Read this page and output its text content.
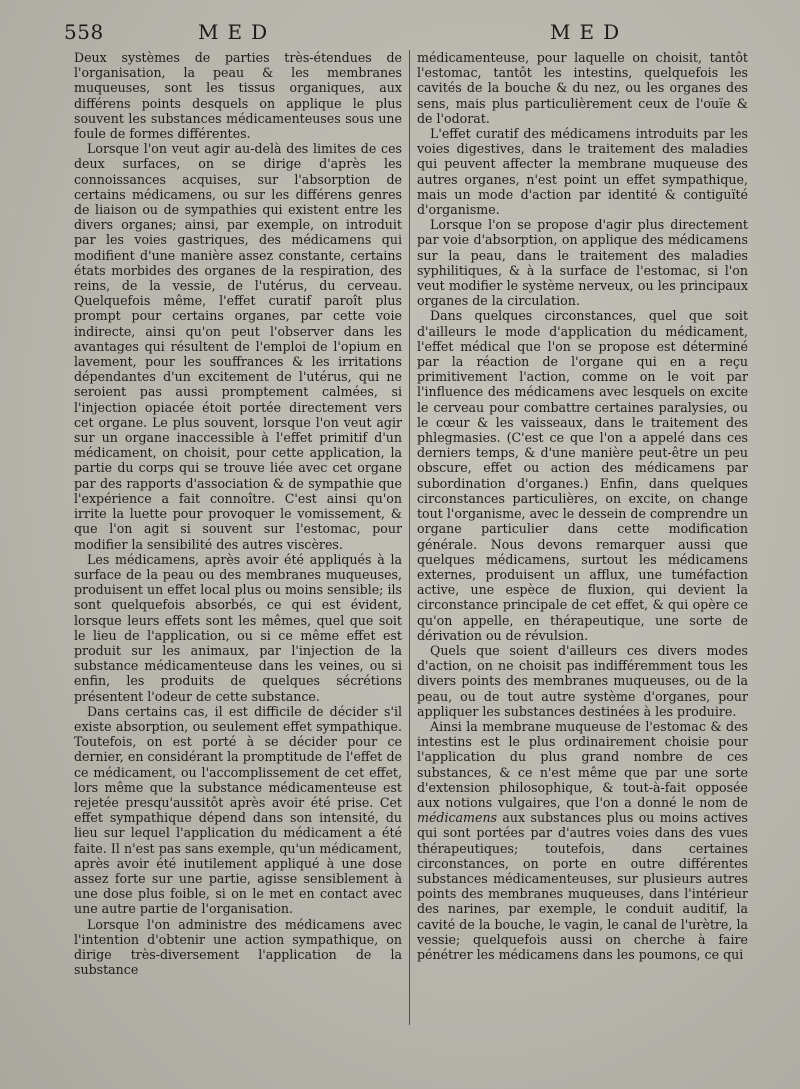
558	MED	MED

Deux systèmes de parties très-étendues de l'organisation, la peau & les membranes muqueuses, sont les tissus organiques, aux différens points desquels on applique le plus souvent les substances médicamenteuses sous une foule de formes différentes.

Lorsque l'on veut agir au-delà des limites de ces deux surfaces, on se dirige d'après les connoissances acquises, sur l'absorption de certains médicamens, ou sur les différens genres de liaison ou de sympathies qui existent entre les divers organes; ainsi, par exemple, on introduit par les voies gastriques, des médicamens qui modifient d'une manière assez constante, certains états morbides des organes de la respiration, des reins, de la vessie, de l'utérus, du cerveau. Quelquefois même, l'effet curatif paroît plus prompt pour certains organes, par cette voie indirecte, ainsi qu'on peut l'observer dans les avantages qui résultent de l'emploi de l'opium en lavement, pour les souffrances & les irritations dépendantes d'un excitement de l'utérus, qui ne seroient pas aussi promptement calmées, si l'injection opiacée étoit portée directement vers cet organe. Le plus souvent, lorsque l'on veut agir sur un organe inaccessible à l'effet primitif d'un médicament, on choisit, pour cette application, la partie du corps qui se trouve liée avec cet organe par des rapports d'association & de sympathie que l'expérience a fait connoître. C'est ainsi qu'on irrite la luette pour provoquer le vomissement, & que l'on agit si souvent sur l'estomac, pour modifier la sensibilité des autres viscères.

Les médicamens, après avoir été appliqués à la surface de la peau ou des membranes muqueuses, produisent un effet local plus ou moins sensible; ils sont quelquefois absorbés, ce qui est évident, lorsque leurs effets sont les mêmes, quel que soit le lieu de l'application, ou si ce même effet est produit sur les animaux, par l'injection de la substance médicamenteuse dans les veines, ou si enfin, les produits de quelques sécrétions présentent l'odeur de cette substance.

Dans certains cas, il est difficile de décider s'il existe absorption, ou seulement effet sympathique. Toutefois, on est porté à se décider pour ce dernier, en considérant la promptitude de l'effet de ce médicament, ou l'accomplissement de cet effet, lors même que la substance médicamenteuse est rejetée presqu'aussitôt après avoir été prise. Cet effet sympathique dépend dans son intensité, du lieu sur lequel l'application du médicament a été faite. Il n'est pas sans exemple, qu'un médicament, après avoir été inutilement appliqué à une dose assez forte sur une partie, agisse sensiblement à une dose plus foible, si on le met en contact avec une autre partie de l'organisation.

Lorsque l'on administre des médicamens avec l'intention d'obtenir une action sympathique, on dirige très-diversement l'application de la substance

médicamenteuse, pour laquelle on choisit, tantôt l'estomac, tantôt les intestins, quelquefois les cavités de la bouche & du nez, ou les organes des sens, mais plus particulièrement ceux de l'ouïe & de l'odorat.

L'effet curatif des médicamens introduits par les voies digestives, dans le traitement des maladies qui peuvent affecter la membrane muqueuse des autres organes, n'est point un effet sympathique, mais un mode d'action par identité & contiguïté d'organisme.

Lorsque l'on se propose d'agir plus directement par voie d'absorption, on applique des médicamens sur la peau, dans le traitement des maladies syphilitiques, & à la surface de l'estomac, si l'on veut modifier le système nerveux, ou les principaux organes de la circulation.

Dans quelques circonstances, quel que soit d'ailleurs le mode d'application du médicament, l'effet médical que l'on se propose est déterminé par la réaction de l'organe qui en a reçu primitivement l'action, comme on le voit par l'influence des médicamens avec lesquels on excite le cerveau pour combattre certaines paralysies, ou le cœur & les vaisseaux, dans le traitement des phlegmasies. (C'est ce que l'on a appelé dans ces derniers temps, & d'une manière peut-être un peu obscure, effet ou action des médicamens par subordination d'organes.) Enfin, dans quelques circonstances particulières, on excite, on change tout l'organisme, avec le dessein de comprendre un organe particulier dans cette modification générale. Nous devons remarquer aussi que quelques médicamens, surtout les médicamens externes, produisent un afflux, une tuméfaction active, une espèce de fluxion, qui devient la circonstance principale de cet effet, & qui opère ce qu'on appelle, en thérapeutique, une sorte de dérivation ou de révulsion.

Quels que soient d'ailleurs ces divers modes d'action, on ne choisit pas indifféremment tous les divers points des membranes muqueuses, ou de la peau, ou de tout autre système d'organes, pour appliquer les substances destinées à les produire.

Ainsi la membrane muqueuse de l'estomac & des intestins est le plus ordinairement choisie pour l'application du plus grand nombre de ces substances, & ce n'est même que par une sorte d'extension philosophique, & tout-à-fait opposée aux notions vulgaires, que l'on a donné le nom de médicamens aux substances plus ou moins actives qui sont portées par d'autres voies dans des vues thérapeutiques; toutefois, dans certaines circonstances, on porte en outre différentes substances médicamenteuses, sur plusieurs autres points des membranes muqueuses, dans l'intérieur des narines, par exemple, le conduit auditif, la cavité de la bouche, le vagin, le canal de l'urètre, la vessie; quelquefois aussi on cherche à faire pénétrer les médicamens dans les poumons, ce qui
